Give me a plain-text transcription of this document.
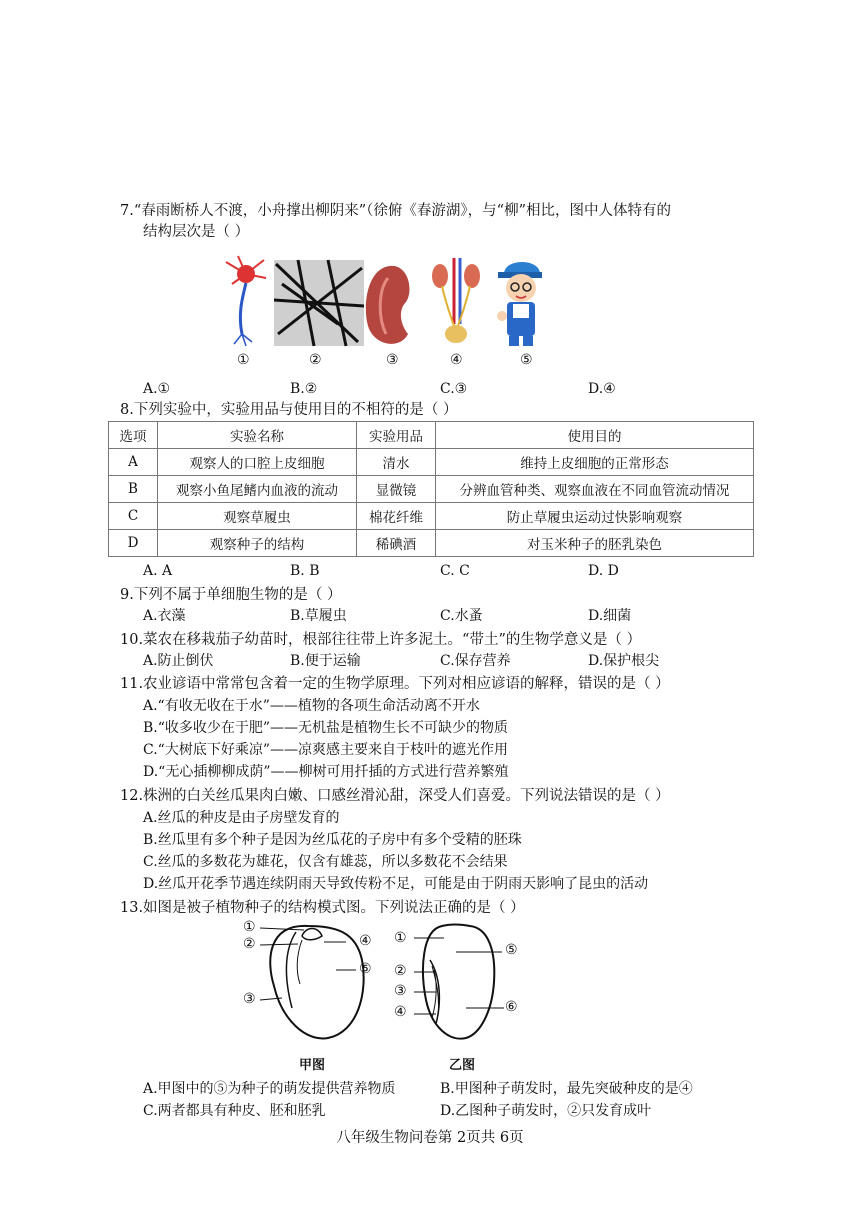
7.“春雨断桥人不渡，小舟撑出柳阴来”（徐俯《春游湖》，与“柳”相比，图中人体特有的
结构层次是（ ）
①	②	③	④	⑤
A.①	B.②	C.③	D.④
8.下列实验中，实验用品与使用目的不相符的是（ ）
选项	实验名称	实验用品	使用目的
A	观察人的口腔上皮细胞	清水	维持上皮细胞的正常形态
B	观察小鱼尾鳍内血液的流动	显微镜	分辨血管种类、观察血液在不同血管流动情况
C	观察草履虫	棉花纤维	防止草履虫运动过快影响观察
D	观察种子的结构	稀碘酒	对玉米种子的胚乳染色
A. A	B. B	C. C	D. D
9.下列不属于单细胞生物的是（ ）
A.衣藻	B.草履虫	C.水蚤	D.细菌
10.菜农在移栽茄子幼苗时，根部往往带上许多泥土。“带土”的生物学意义是（ ）
A.防止倒伏	B.便于运输	C.保存营养	D.保护根尖
11.农业谚语中常常包含着一定的生物学原理。下列对相应谚语的解释，错误的是（ ）
A.“有收无收在于水”——植物的各项生命活动离不开水
B.“收多收少在于肥”——无机盐是植物生长不可缺少的物质
C.“大树底下好乘凉”——凉爽感主要来自于枝叶的遮光作用
D.“无心插柳柳成荫”——柳树可用扦插的方式进行营养繁殖
12.株洲的白关丝瓜果肉白嫩、口感丝滑沁甜，深受人们喜爱。下列说法错误的是（ ）
A.丝瓜的种皮是由子房壁发育的
B.丝瓜里有多个种子是因为丝瓜花的子房中有多个受精的胚珠
C.丝瓜的多数花为雄花，仅含有雄蕊，所以多数花不会结果
D.丝瓜开花季节遇连续阴雨天导致传粉不足，可能是由于阴雨天影响了昆虫的活动
13.如图是被子植物种子的结构模式图。下列说法正确的是（ ）
①
②
③
④
⑤
甲图
①
②
③
④
⑤
⑥
乙图
A.甲图中的⑤为种子的萌发提供营养物质	B.甲图种子萌发时，最先突破种皮的是④
C.两者都具有种皮、胚和胚乳	D.乙图种子萌发时，②只发育成叶
八年级生物问卷第 2页共 6页
